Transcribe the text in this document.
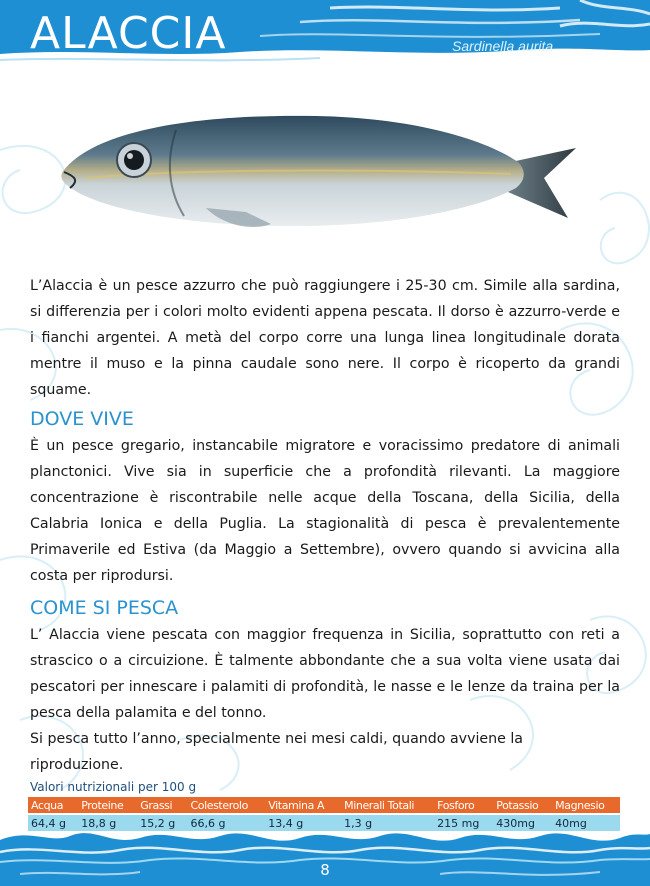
ALACCIA	Sardinella aurita

L’Alaccia è un pesce azzurro che può raggiungere i 25-30 cm. Simile alla sardina, si differenzia per i colori molto evidenti appena pescata. Il dorso è azzurro-verde e i fianchi argentei. A metà del corpo corre una lunga linea longitudinale dorata mentre il muso e la pinna caudale sono nere. Il corpo è ricoperto da grandi squame.

DOVE VIVE

È un pesce gregario, instancabile migratore e voracissimo predatore di animali planctonici. Vive sia in superficie che a profondità rilevanti. La maggiore concentrazione è riscontrabile nelle acque della Toscana, della Sicilia, della Calabria Ionica e della Puglia. La stagionalità di pesca è prevalentemente Primaverile ed Estiva (da Maggio a Settembre), ovvero quando si avvicina alla costa per riprodursi.

COME SI PESCA
L’ Alaccia viene pescata con maggior frequenza in Sicilia, soprattutto con reti a strascico o a circuizione. È talmente abbondante che a sua volta viene usata dai pescatori per innescare i palamiti di profondità, le nasse e le lenze da traina per la pesca della palamita e del tonno.
Si pesca tutto l’anno, specialmente nei mesi caldi, quando avviene la riproduzione.
Valori nutrizionali per 100 g
Acqua	Proteine	Grassi	Colesterolo	Vitamina A	Minerali Totali	Fosforo	Potassio	Magnesio
64,4 g	18,8 g	15,2 g	66,6 g	13,4 g	1,3 g	215 mg	430mg	40mg
8
